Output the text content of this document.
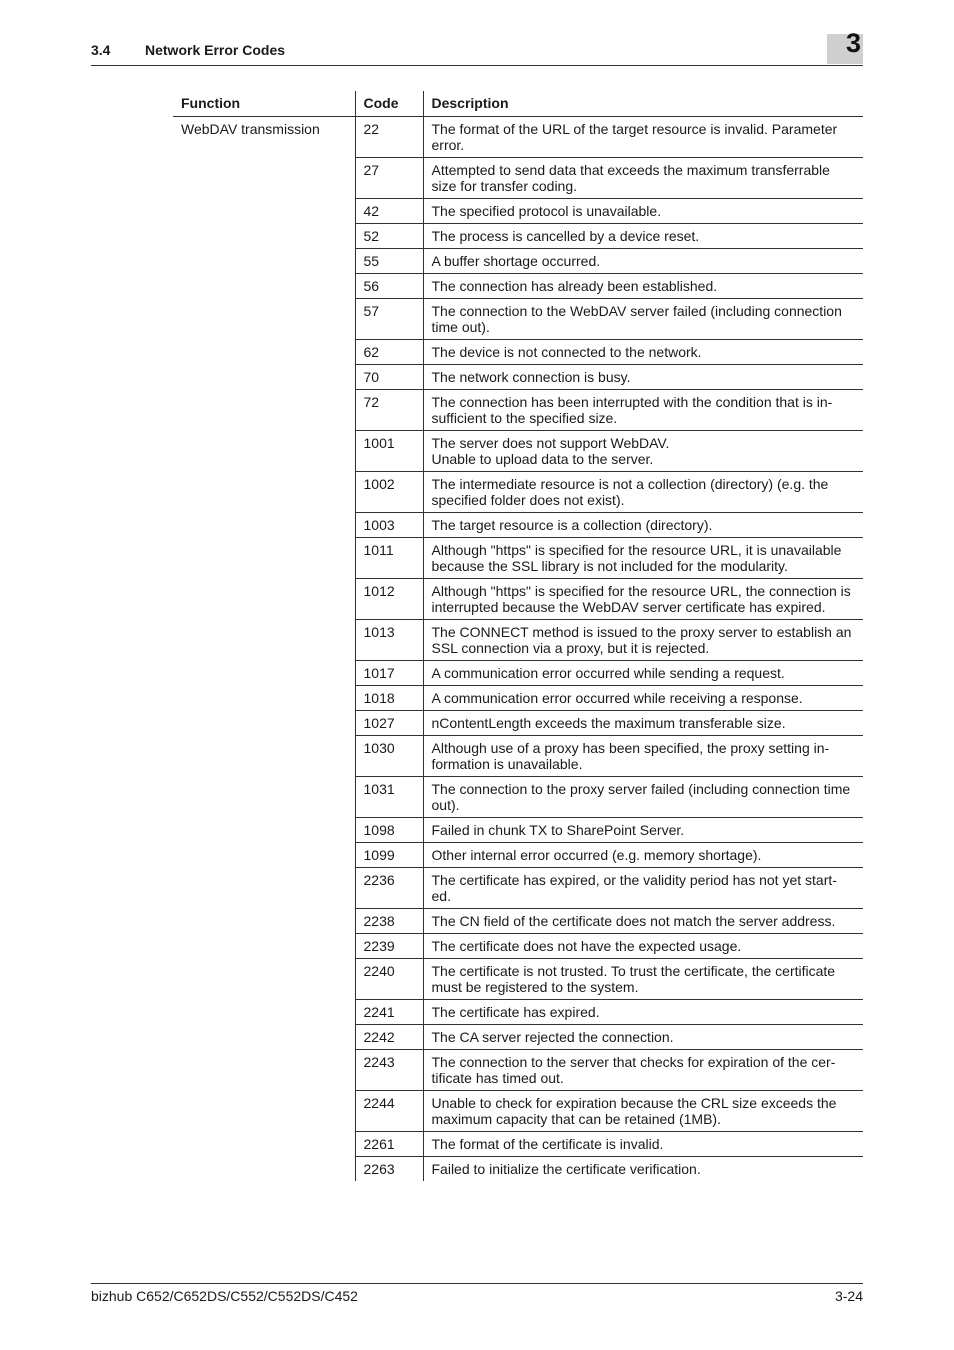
3.4 Network Error Codes	3
Function	Code	Description
WebDAV transmission	22	The format of the URL of the target resource is invalid. Parameter error.
	27	Attempted to send data that exceeds the maximum transferrable size for transfer coding.
	42	The specified protocol is unavailable.
	52	The process is cancelled by a device reset.
	55	A buffer shortage occurred.
	56	The connection has already been established.
	57	The connection to the WebDAV server failed (including connection time out).
	62	The device is not connected to the network.
	70	The network connection is busy.
	72	The connection has been interrupted with the condition that is in-sufficient to the specified size.
	1001	The server does not support WebDAV.
Unable to upload data to the server.
	1002	The intermediate resource is not a collection (directory) (e.g. the specified folder does not exist).
	1003	The target resource is a collection (directory).
	1011	Although "https" is specified for the resource URL, it is unavailable because the SSL library is not included for the modularity.
	1012	Although "https" is specified for the resource URL, the connection is interrupted because the WebDAV server certificate has expired.
	1013	The CONNECT method is issued to the proxy server to establish an SSL connection via a proxy, but it is rejected.
	1017	A communication error occurred while sending a request.
	1018	A communication error occurred while receiving a response.
	1027	nContentLength exceeds the maximum transferable size.
	1030	Although use of a proxy has been specified, the proxy setting in-formation is unavailable.
	1031	The connection to the proxy server failed (including connection time out).
	1098	Failed in chunk TX to SharePoint Server.
	1099	Other internal error occurred (e.g. memory shortage).
	2236	The certificate has expired, or the validity period has not yet start-ed.
	2238	The CN field of the certificate does not match the server address.
	2239	The certificate does not have the expected usage.
	2240	The certificate is not trusted. To trust the certificate, the certificate must be registered to the system.
	2241	The certificate has expired.
	2242	The CA server rejected the connection.
	2243	The connection to the server that checks for expiration of the cer-tificate has timed out.
	2244	Unable to check for expiration because the CRL size exceeds the maximum capacity that can be retained (1MB).
	2261	The format of the certificate is invalid.
	2263	Failed to initialize the certificate verification.
bizhub C652/C652DS/C552/C552DS/C452	3-24
